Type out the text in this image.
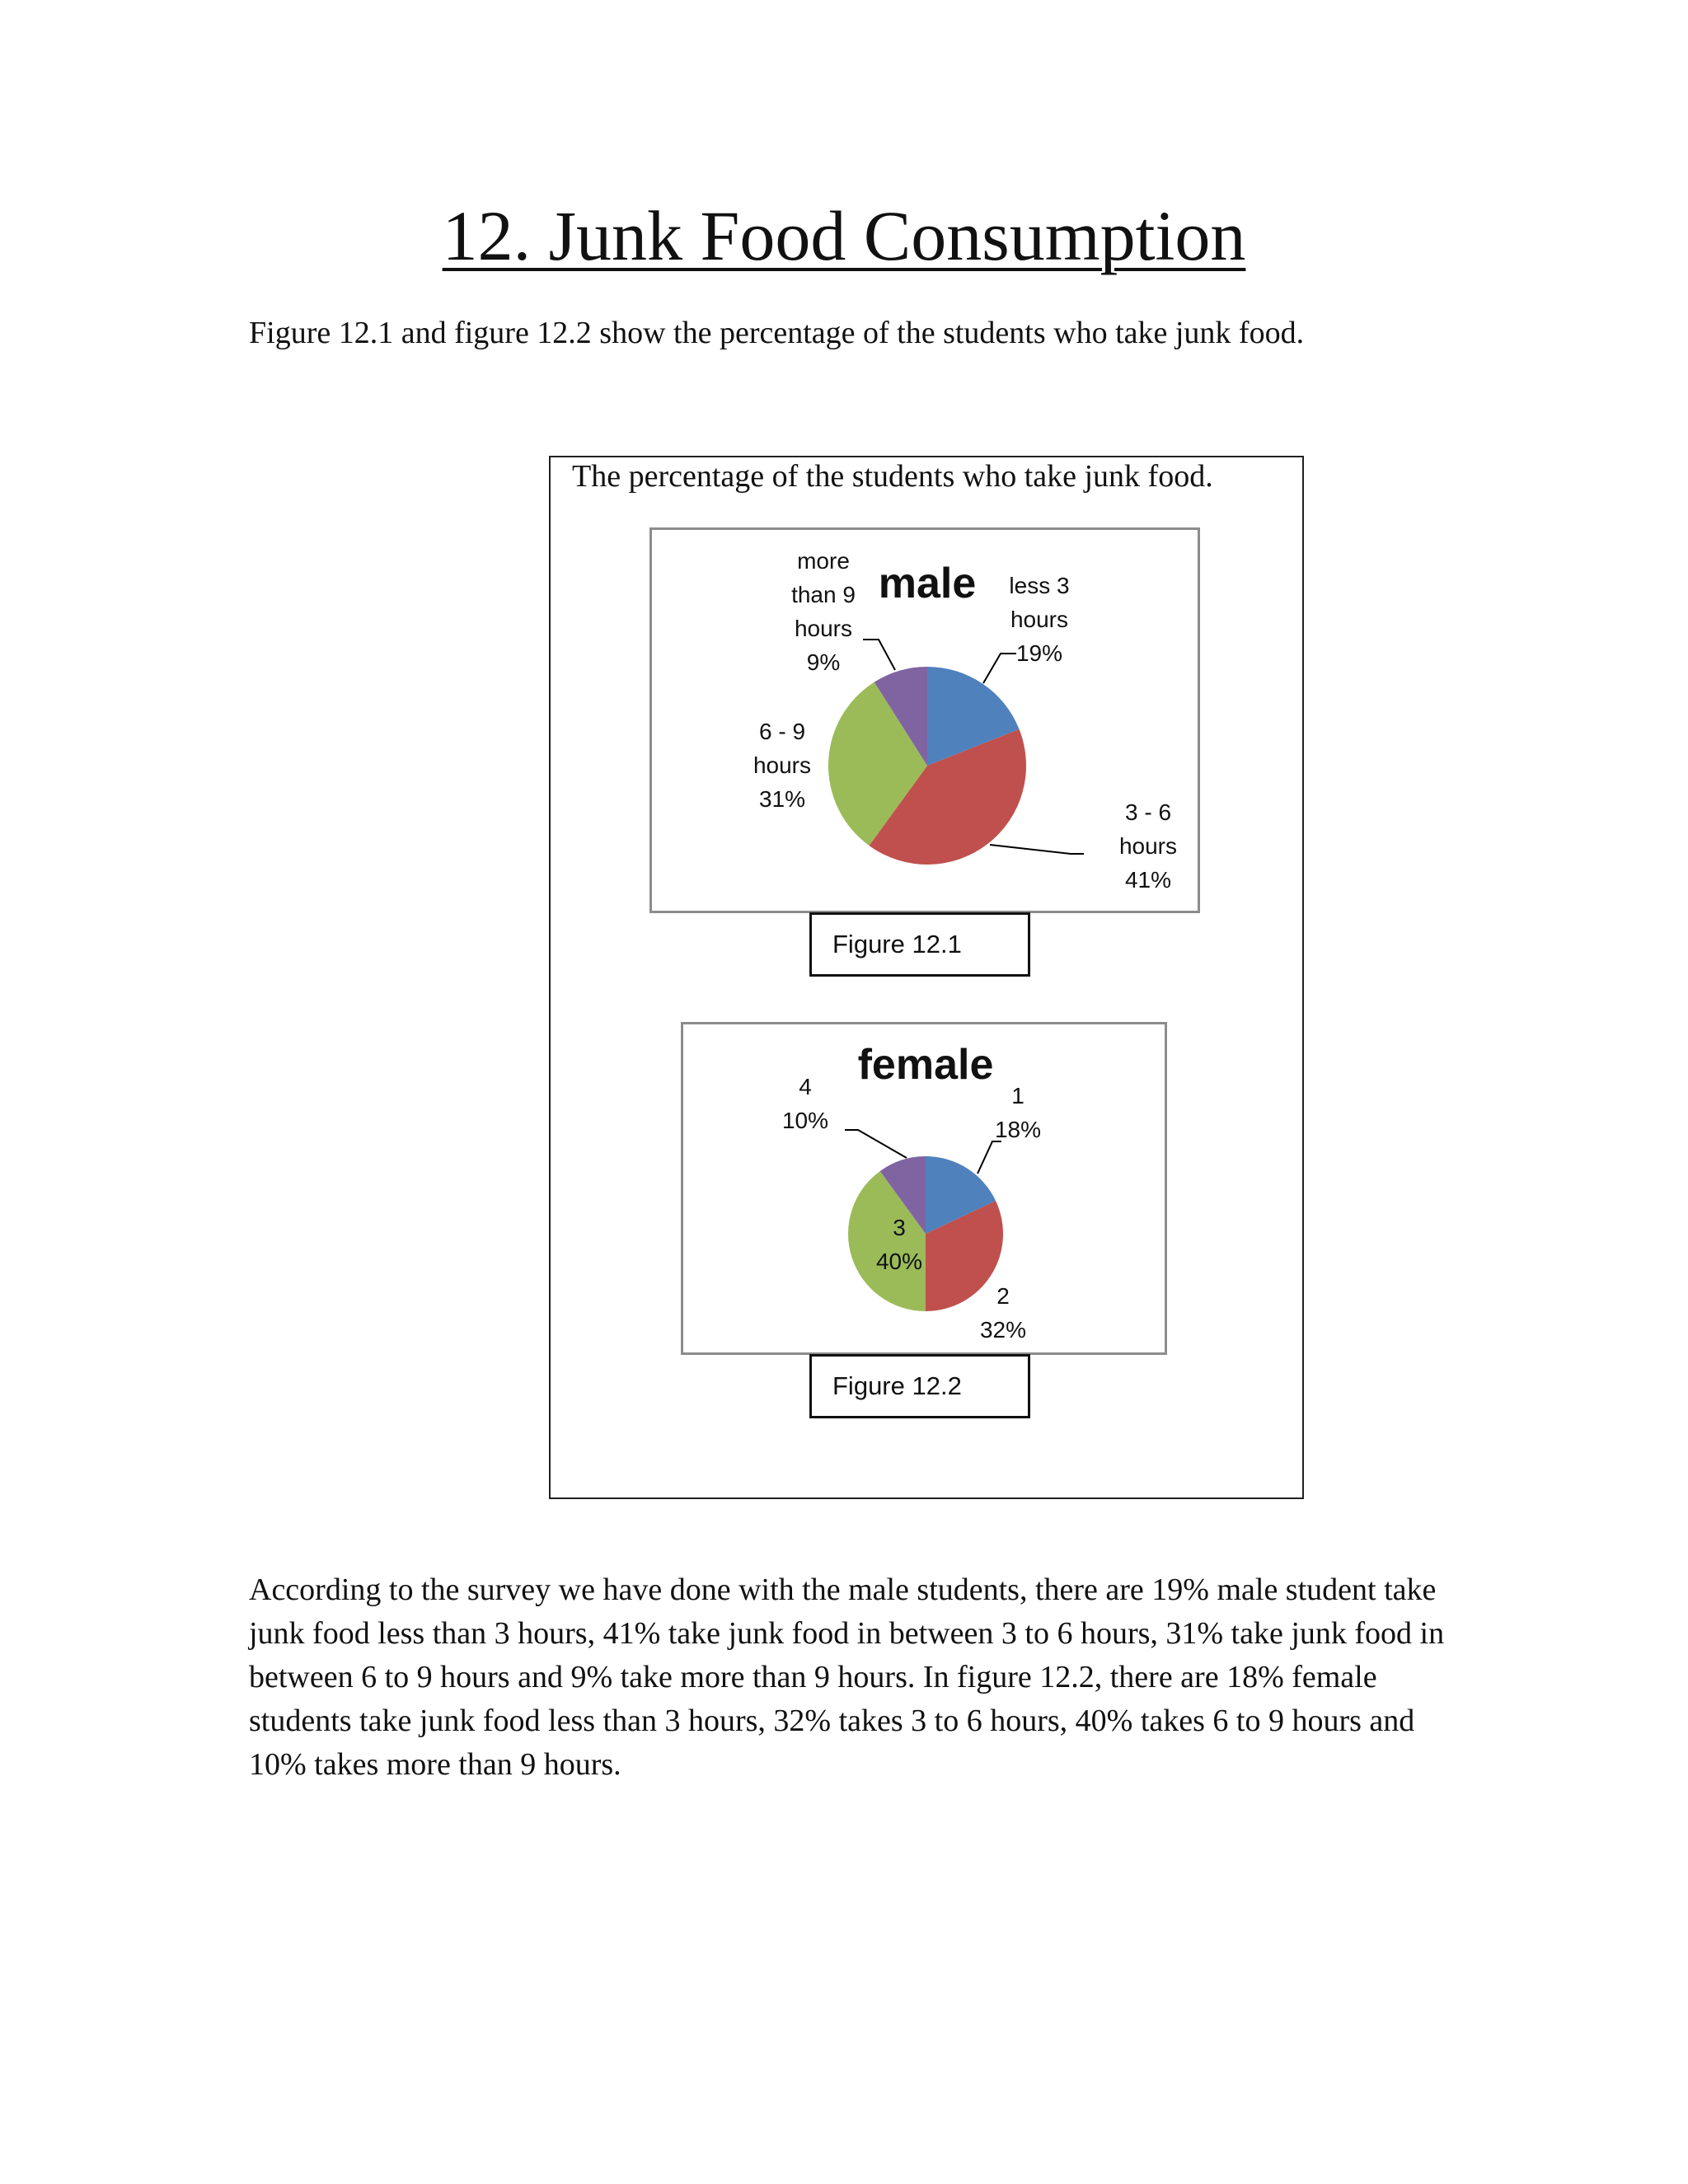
12. Junk Food Consumption
Figure 12.1 and figure 12.2 show the percentage of the students who take junk food.
The percentage of the students who take junk food.
male less 3 hours 19%
3 - 6 hours 41%
6 - 9 hours 31%
more than 9 hours 9%
Figure 12.1
female
1 18%
2 32%
3 40%
4 10%
Figure 12.2

According to the survey we have done with the male students, there are 19% male student take junk food less than 3 hours, 41% take junk food in between 3 to 6 hours, 31% take junk food in between 6 to 9 hours and 9% take more than 9 hours. In figure 12.2, there are 18% female students take junk food less than 3 hours, 32% takes 3 to 6 hours, 40% takes 6 to 9 hours and 10% takes more than 9 hours.
